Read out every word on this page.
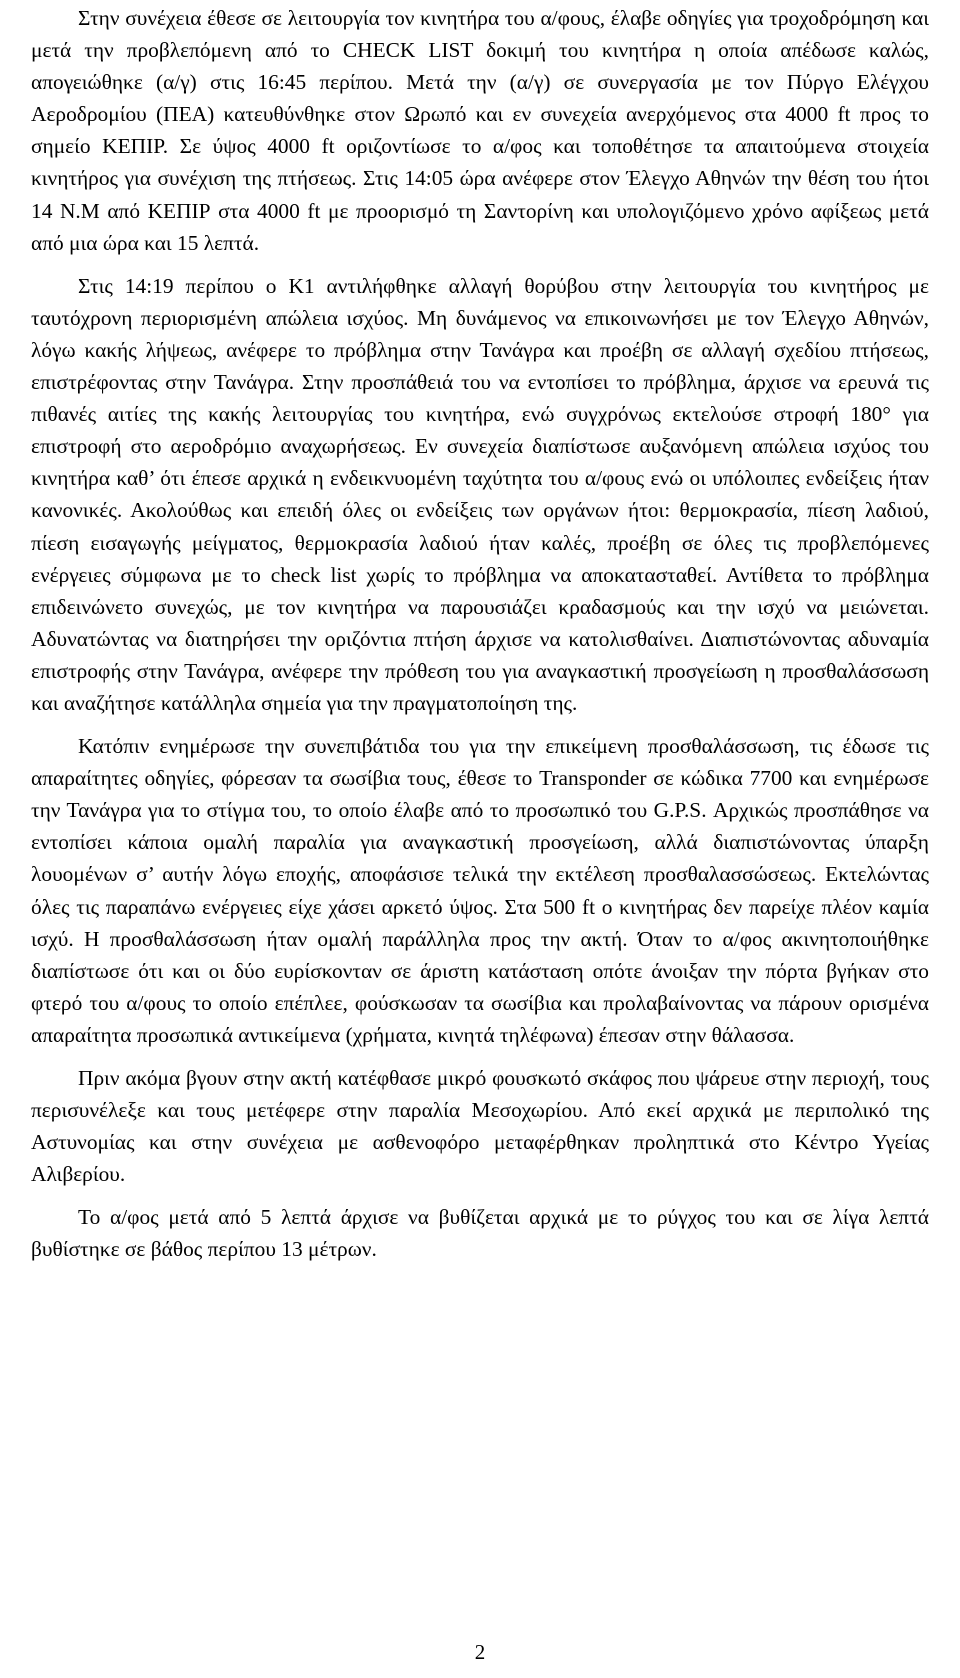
Στην συνέχεια έθεσε σε λειτουργία τον κινητήρα του α/φους, έλαβε οδηγίες για τροχοδρόμηση και μετά την προβλεπόμενη από το CHECK LIST δοκιμή του κινητήρα η οποία απέδωσε καλώς, απογειώθηκε (α/γ) στις 16:45 περίπου. Μετά την (α/γ) σε συνεργασία με τον Πύργο Ελέγχου Αεροδρομίου (ΠΕΑ) κατευθύνθηκε στον Ωρωπό και εν συνεχεία ανερχόμενος στα 4000 ft προς το σημείο ΚΕΠΙΡ. Σε ύψος 4000 ft οριζοντίωσε το α/φος και τοποθέτησε τα απαιτούμενα στοιχεία κινητήρος για συνέχιση της πτήσεως. Στις 14:05 ώρα ανέφερε στον Έλεγχο Αθηνών την θέση του ήτοι 14 N.M από ΚΕΠΙΡ στα 4000 ft με προορισμό τη Σαντορίνη και υπολογιζόμενο χρόνο αφίξεως μετά από μια ώρα και 15 λεπτά.

Στις 14:19 περίπου ο Κ1 αντιλήφθηκε αλλαγή θορύβου στην λειτουργία του κινητήρος με ταυτόχρονη περιορισμένη απώλεια ισχύος. Μη δυνάμενος να επικοινωνήσει με τον Έλεγχο Αθηνών, λόγω κακής λήψεως, ανέφερε το πρόβλημα στην Τανάγρα και προέβη σε αλλαγή σχεδίου πτήσεως, επιστρέφοντας στην Τανάγρα. Στην προσπάθειά του να εντοπίσει το πρόβλημα, άρχισε να ερευνά τις πιθανές αιτίες της κακής λειτουργίας του κινητήρα, ενώ συγχρόνως εκτελούσε στροφή 180° για επιστροφή στο αεροδρόμιο αναχωρήσεως. Εν συνεχεία διαπίστωσε αυξανόμενη απώλεια ισχύος του κινητήρα καθ’ ότι έπεσε αρχικά η ενδεικνυομένη ταχύτητα του α/φους ενώ οι υπόλοιπες ενδείξεις ήταν κανονικές. Ακολούθως και επειδή όλες οι ενδείξεις των οργάνων ήτοι: θερμοκρασία, πίεση λαδιού, πίεση εισαγωγής μείγματος, θερμοκρασία λαδιού ήταν καλές, προέβη σε όλες τις προβλεπόμενες ενέργειες σύμφωνα με το check list χωρίς το πρόβλημα να αποκατασταθεί. Αντίθετα το πρόβλημα επιδεινώνετο συνεχώς, με τον κινητήρα να παρουσιάζει κραδασμούς και την ισχύ να μειώνεται. Αδυνατώντας να διατηρήσει την οριζόντια πτήση άρχισε να κατολισθαίνει. Διαπιστώνοντας αδυναμία επιστροφής στην Τανάγρα, ανέφερε την πρόθεση του για αναγκαστική προσγείωση η προσθαλάσσωση και αναζήτησε κατάλληλα σημεία για την πραγματοποίηση της.

Κατόπιν ενημέρωσε την συνεπιβάτιδα του για την επικείμενη προσθαλάσσωση, τις έδωσε τις απαραίτητες οδηγίες, φόρεσαν τα σωσίβια τους, έθεσε το Transponder σε κώδικα 7700 και ενημέρωσε την Τανάγρα για το στίγμα του, το οποίο έλαβε από το προσωπικό του G.P.S. Αρχικώς προσπάθησε να εντοπίσει κάποια ομαλή παραλία για αναγκαστική προσγείωση, αλλά διαπιστώνοντας ύπαρξη λουομένων σ’ αυτήν λόγω εποχής, αποφάσισε τελικά την εκτέλεση προσθαλασσώσεως. Εκτελώντας όλες τις παραπάνω ενέργειες είχε χάσει αρκετό ύψος. Στα 500 ft ο κινητήρας δεν παρείχε πλέον καμία ισχύ. Η προσθαλάσσωση ήταν ομαλή παράλληλα προς την ακτή. Όταν το α/φος ακινητοποιήθηκε διαπίστωσε ότι και οι δύο ευρίσκονταν σε άριστη κατάσταση οπότε άνοιξαν την πόρτα βγήκαν στο φτερό του α/φους το οποίο επέπλεε, φούσκωσαν τα σωσίβια και προλαβαίνοντας να πάρουν ορισμένα απαραίτητα προσωπικά αντικείμενα (χρήματα, κινητά τηλέφωνα) έπεσαν στην θάλασσα.

Πριν ακόμα βγουν στην ακτή κατέφθασε μικρό φουσκωτό σκάφος που ψάρευε στην περιοχή, τους περισυνέλεξε και τους μετέφερε στην παραλία Μεσοχωρίου. Από εκεί αρχικά με περιπολικό της Αστυνομίας και στην συνέχεια με ασθενοφόρο μεταφέρθηκαν προληπτικά στο Κέντρο Υγείας Αλιβερίου.

Το α/φος μετά από 5 λεπτά άρχισε να βυθίζεται αρχικά με το ρύγχος του και σε λίγα λεπτά βυθίστηκε σε βάθος περίπου 13 μέτρων.

2
